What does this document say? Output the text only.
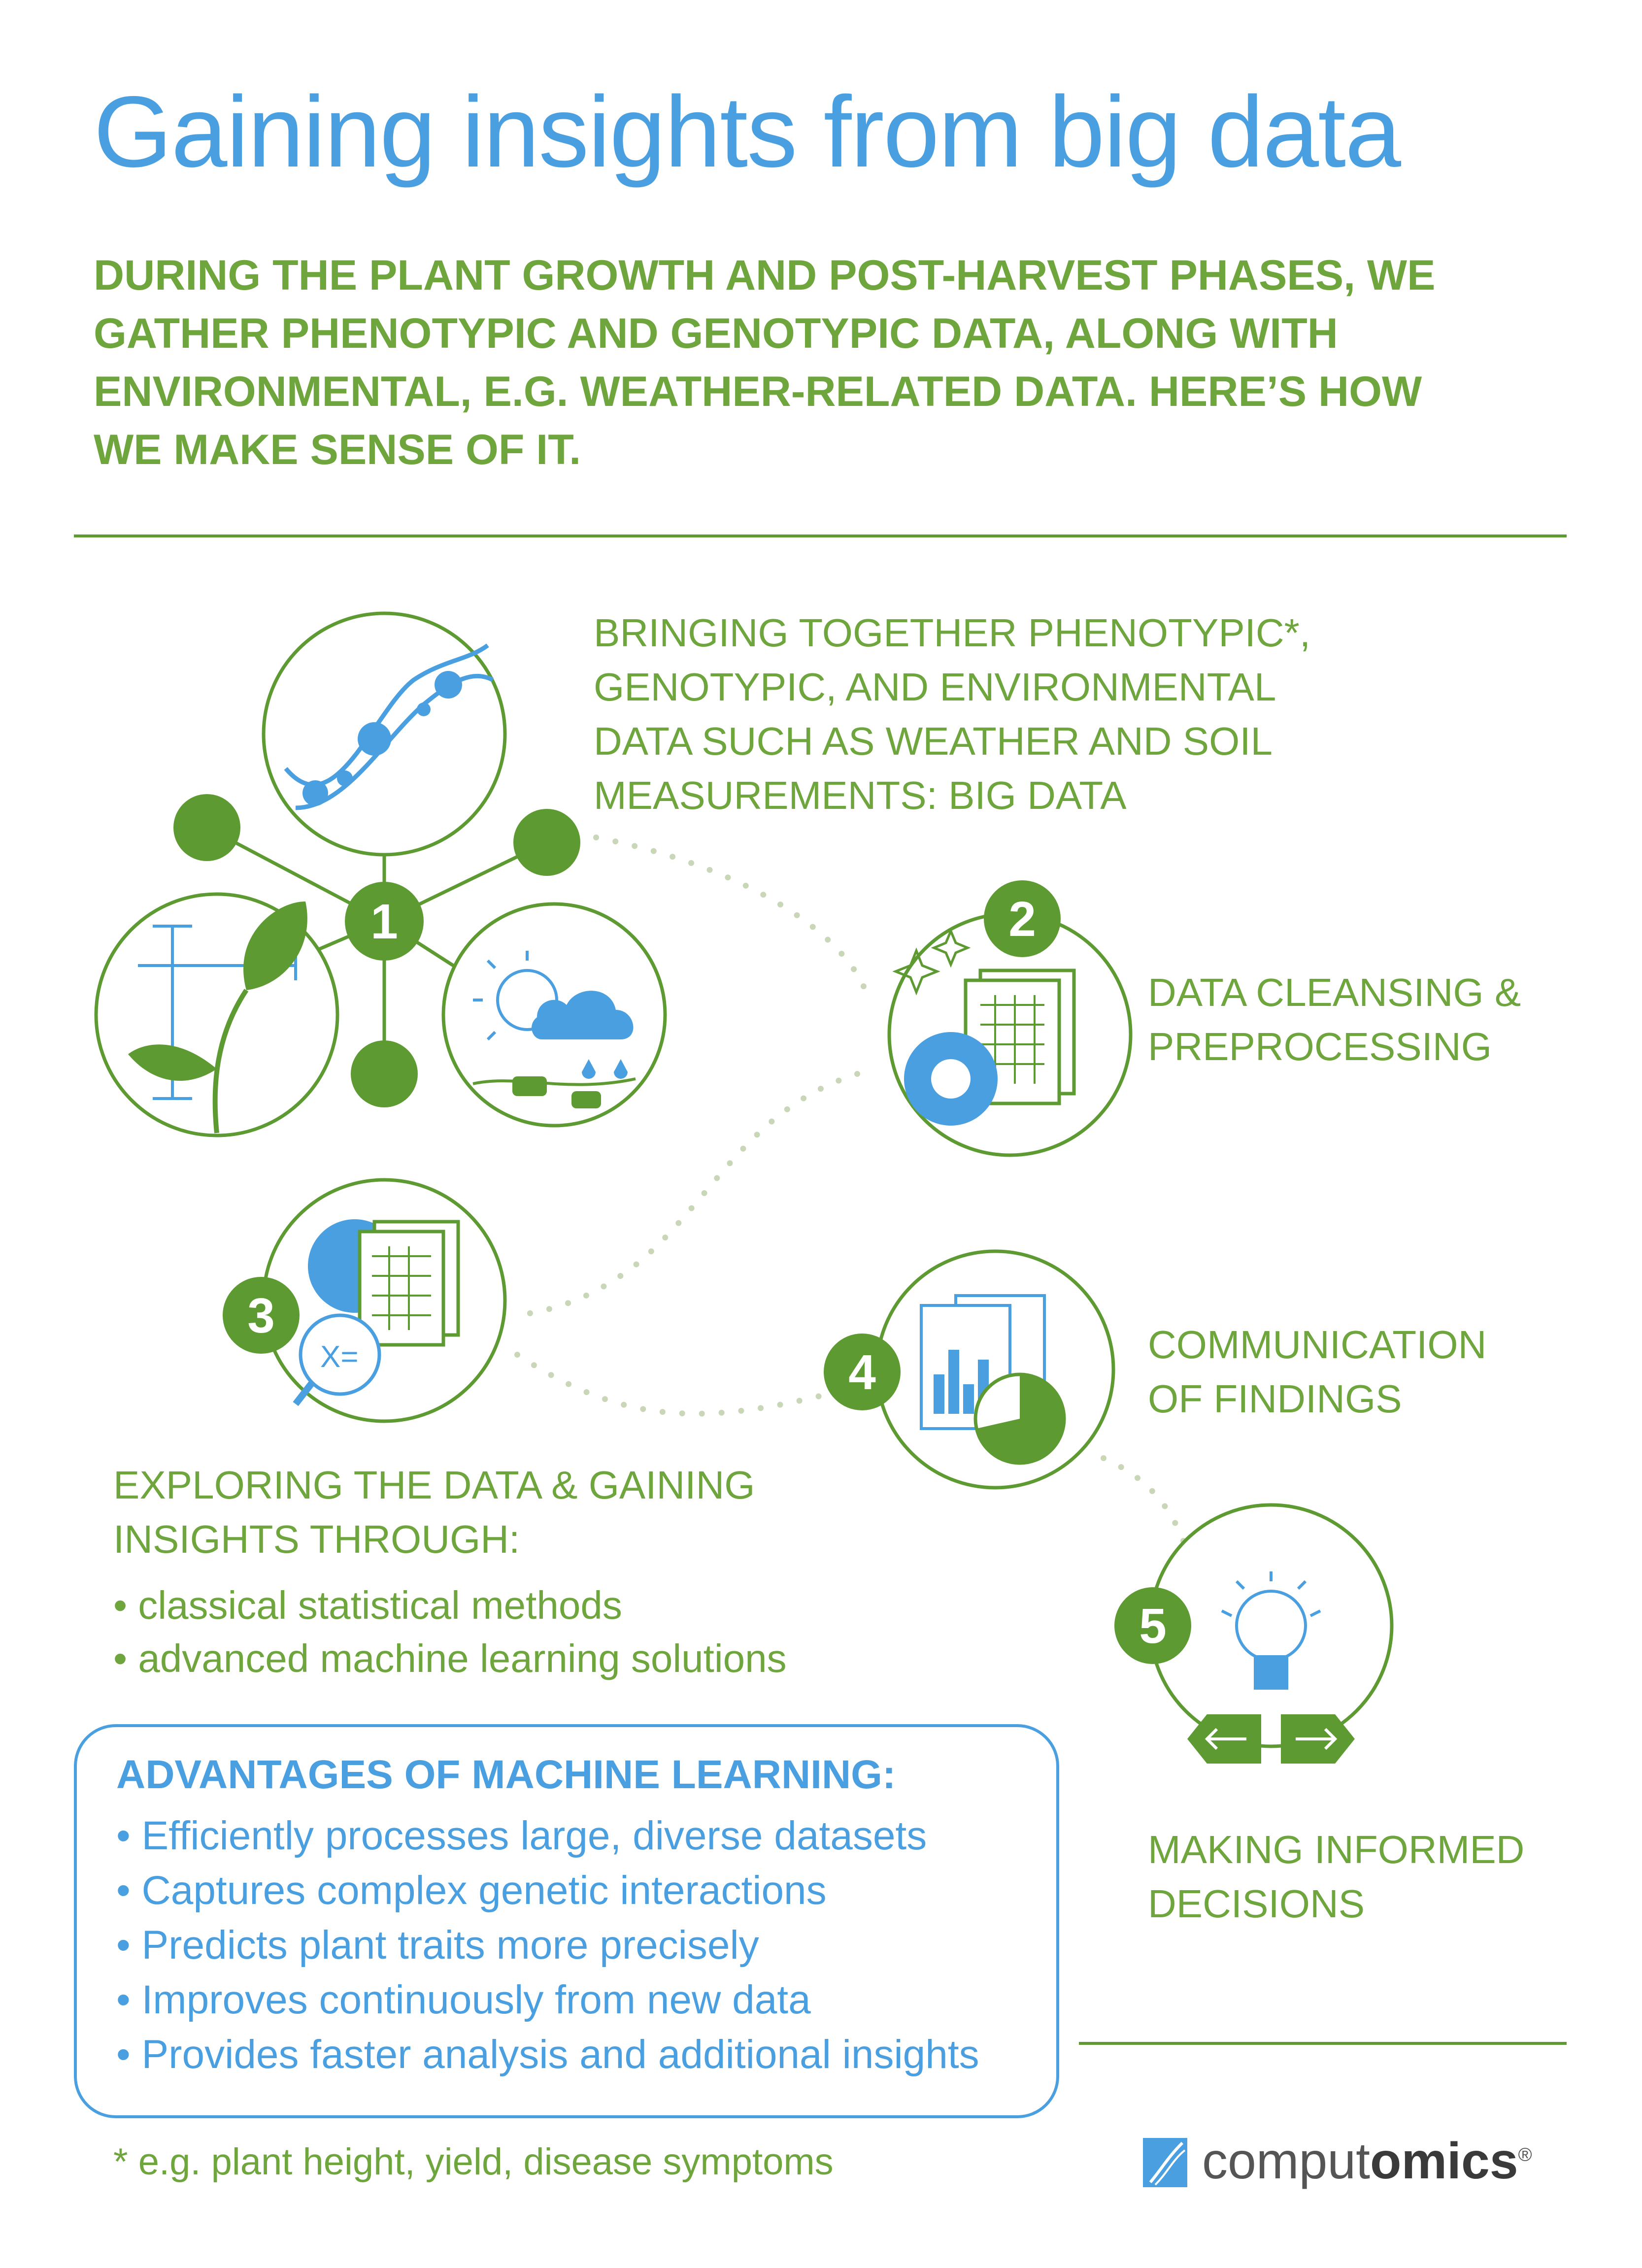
Gaining insights from big data
DURING THE PLANT GROWTH AND POST-HARVEST PHASES, WE
GATHER PHENOTYPIC AND GENOTYPIC DATA, ALONG WITH
ENVIRONMENTAL, E.G. WEATHER-RELATED DATA. HERE’S HOW
WE MAKE SENSE OF IT.
X=
1	2
3
4
5
BRINGING TOGETHER PHENOTYPIC*,
GENOTYPIC, AND ENVIRONMENTAL
DATA SUCH AS WEATHER AND SOIL
MEASUREMENTS: BIG DATA
DATA CLEANSING &
PREPROCESSING
EXPLORING THE DATA & GAINING
INSIGHTS THROUGH:
• classical statistical methods
• advanced machine learning solutions
COMMUNICATION
OF FINDINGS
MAKING INFORMED
DECISIONS
ADVANTAGES OF MACHINE LEARNING:
• Efficiently processes large, diverse datasets
• Captures complex genetic interactions
• Predicts plant traits more precisely
• Improves continuously from new data
• Provides faster analysis and additional insights
* e.g. plant height, yield, disease symptoms	computomics®
